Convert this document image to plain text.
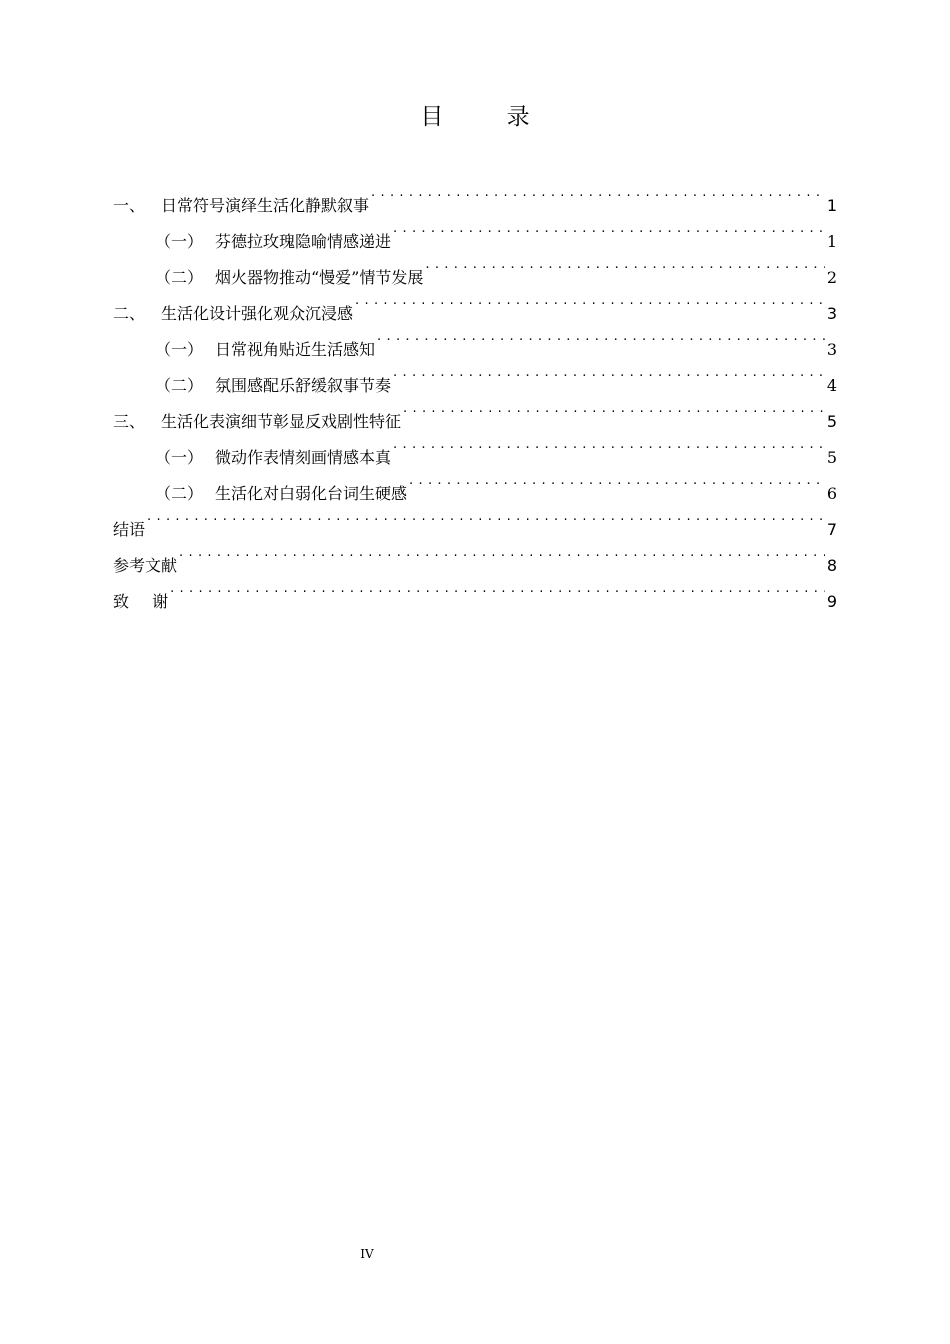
目 录
一、 日常符号演绎生活化静默叙事 . . .	1
（一） 芬德拉玫瑰隐喻情感递进 . . .	1
（二） 烟火器物推动“慢爱”情节发展 . . .	2
二、 生活化设计强化观众沉浸感 . . .	3
（一） 日常视角贴近生活感知 . . .	3
（二） 氛围感配乐舒缓叙事节奏 . . .	4
三、 生活化表演细节彰显反戏剧性特征 . . .	5
（一） 微动作表情刻画情感本真 . . .	5
（二） 生活化对白弱化台词生硬感 . . .	6
结语 . . .	7
参考文献 . . .	8
致 谢 . . .	9
IV
